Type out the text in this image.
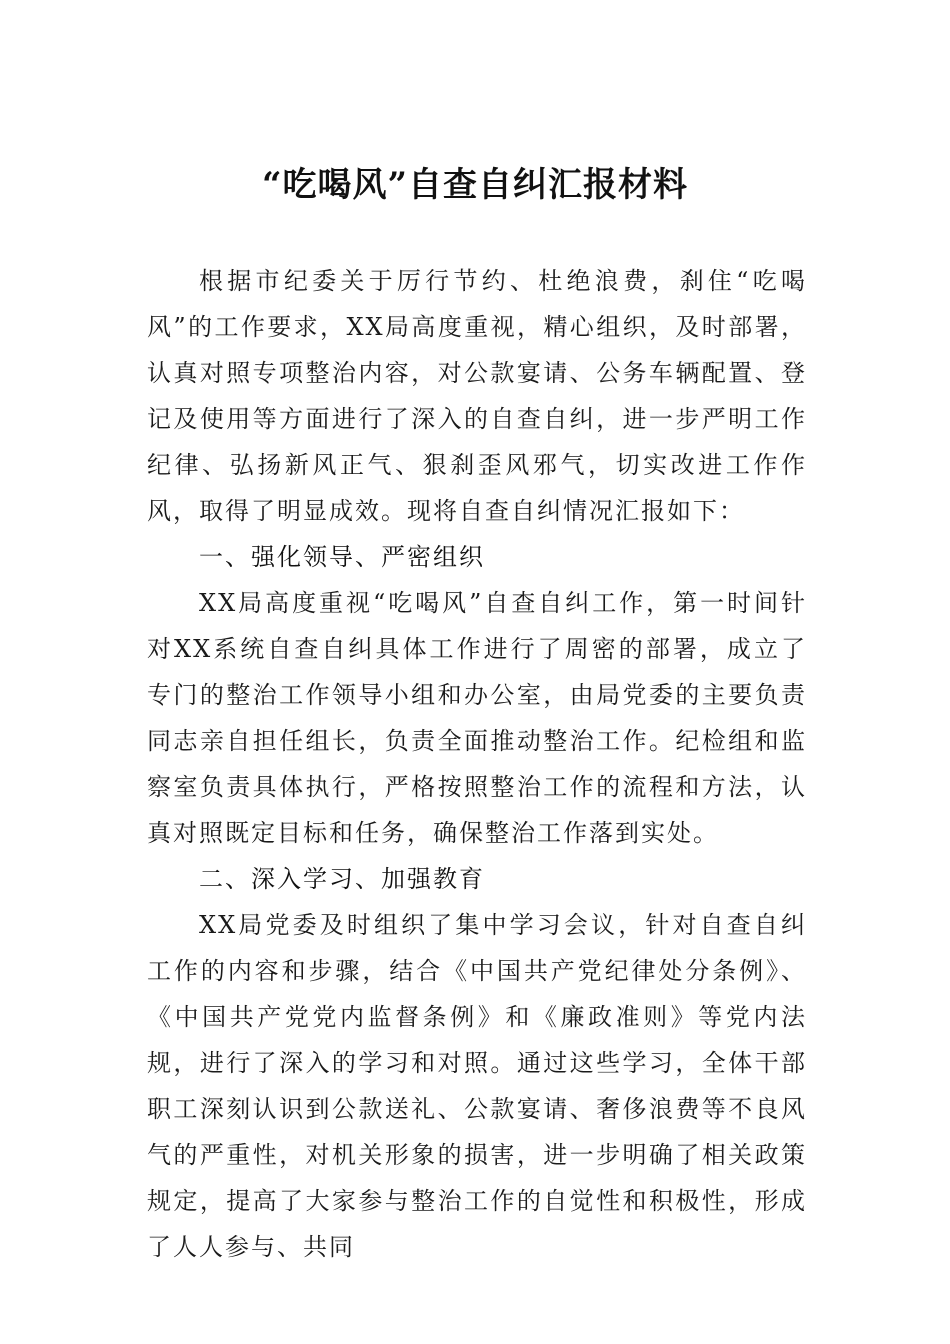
“吃喝风”自查自纠汇报材料

根据市纪委关于厉行节约、杜绝浪费，刹住“吃喝风”的工作要求，XX局高度重视，精心组织，及时部署，认真对照专项整治内容，对公款宴请、公务车辆配置、登记及使用等方面进行了深入的自查自纠，进一步严明工作纪律、弘扬新风正气、狠刹歪风邪气，切实改进工作作风，取得了明显成效。现将自查自纠情况汇报如下：

一、强化领导、严密组织

XX局高度重视“吃喝风”自查自纠工作，第一时间针对XX系统自查自纠具体工作进行了周密的部署，成立了专门的整治工作领导小组和办公室，由局党委的主要负责同志亲自担任组长，负责全面推动整治工作。纪检组和监察室负责具体执行，严格按照整治工作的流程和方法，认真对照既定目标和任务，确保整治工作落到实处。

二、深入学习、加强教育

XX局党委及时组织了集中学习会议，针对自查自纠工作的内容和步骤，结合《中国共产党纪律处分条例》、《中国共产党党内监督条例》和《廉政准则》等党内法规，进行了深入的学习和对照。通过这些学习，全体干部职工深刻认识到公款送礼、公款宴请、奢侈浪费等不良风气的严重性，对机关形象的损害，进一步明确了相关政策规定，提高了大家参与整治工作的自觉性和积极性，形成了人人参与、共同
